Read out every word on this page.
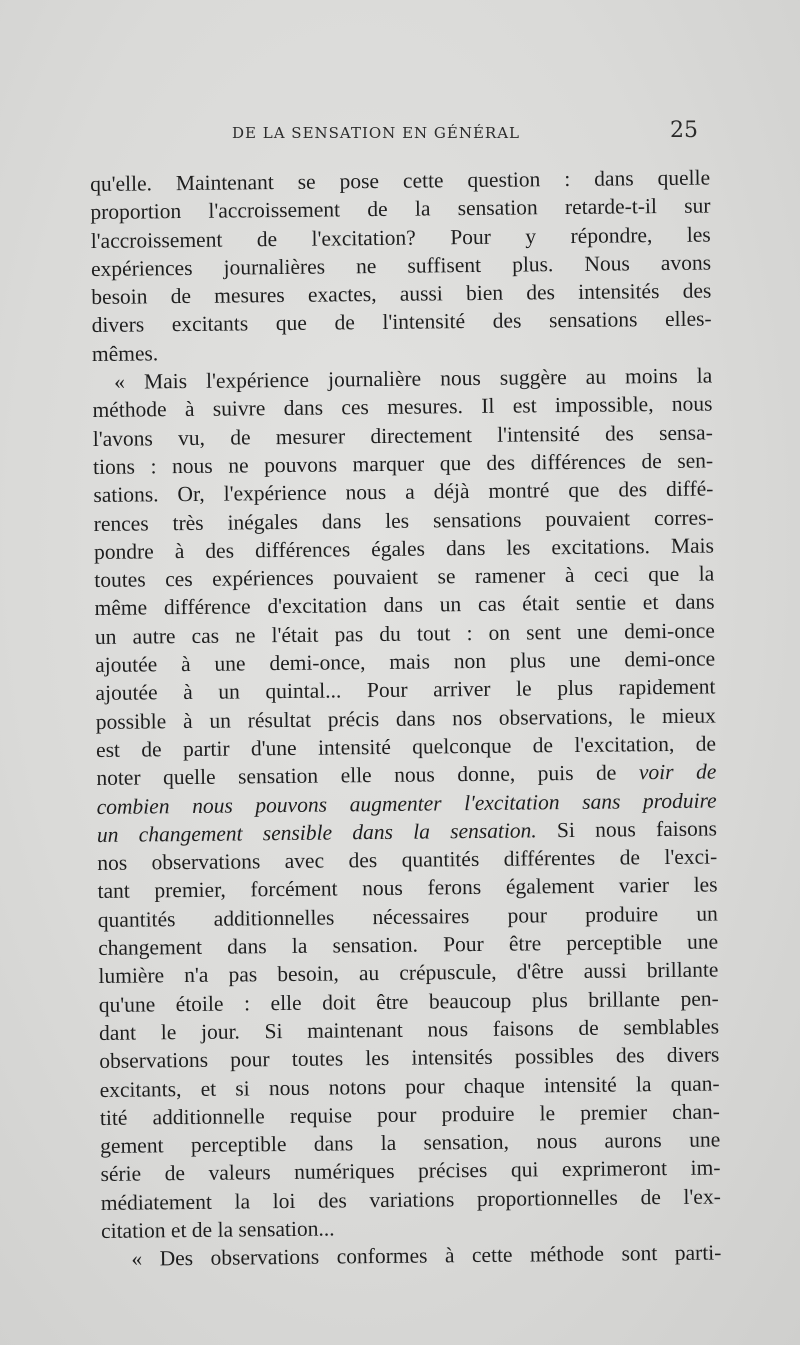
DE LA SENSATION EN GÉNÉRAL	25
qu'elle. Maintenant se pose cette question : dans quelle
proportion l'accroissement de la sensation retarde-t-il sur
l'accroissement de l'excitation? Pour y répondre, les
expériences journalières ne suffisent plus. Nous avons
besoin de mesures exactes, aussi bien des intensités des
divers excitants que de l'intensité des sensations elles-
mêmes.
« Mais l'expérience journalière nous suggère au moins la
méthode à suivre dans ces mesures. Il est impossible, nous
l'avons vu, de mesurer directement l'intensité des sensa-
tions : nous ne pouvons marquer que des différences de sen-
sations. Or, l'expérience nous a déjà montré que des diffé-
rences très inégales dans les sensations pouvaient corres-
pondre à des différences égales dans les excitations. Mais
toutes ces expériences pouvaient se ramener à ceci que la
même différence d'excitation dans un cas était sentie et dans
un autre cas ne l'était pas du tout : on sent une demi-once
ajoutée à une demi-once, mais non plus une demi-once
ajoutée à un quintal... Pour arriver le plus rapidement
possible à un résultat précis dans nos observations, le mieux
est de partir d'une intensité quelconque de l'excitation, de
noter quelle sensation elle nous donne, puis de voir de
combien nous pouvons augmenter l'excitation sans produire
un changement sensible dans la sensation. Si nous faisons
nos observations avec des quantités différentes de l'exci-
tant premier, forcément nous ferons également varier les
quantités additionnelles nécessaires pour produire un
changement dans la sensation. Pour être perceptible une
lumière n'a pas besoin, au crépuscule, d'être aussi brillante
qu'une étoile : elle doit être beaucoup plus brillante pen-
dant le jour. Si maintenant nous faisons de semblables
observations pour toutes les intensités possibles des divers
excitants, et si nous notons pour chaque intensité la quan-
tité additionnelle requise pour produire le premier chan-
gement perceptible dans la sensation, nous aurons une
série de valeurs numériques précises qui exprimeront im-
médiatement la loi des variations proportionnelles de l'ex-
citation et de la sensation...
« Des observations conformes à cette méthode sont parti-
